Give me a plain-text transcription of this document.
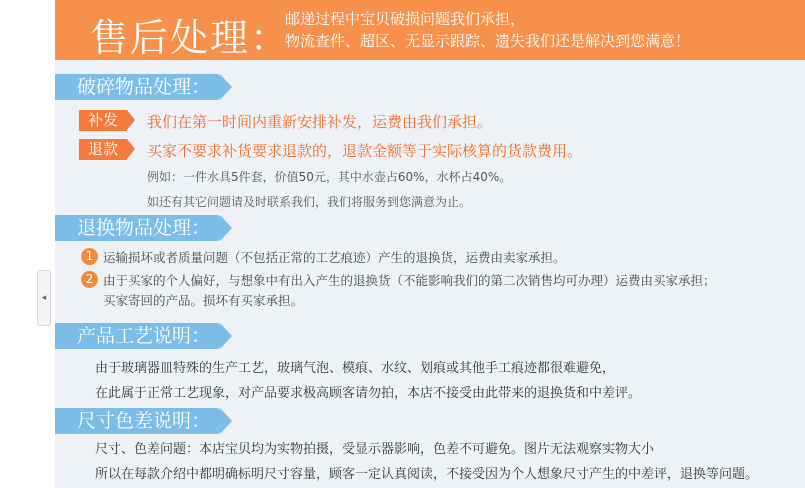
◂
售后处理：
邮递过程中宝贝破损问题我们承担，
物流查件、超区、无显示跟踪、遗失我们还是解决到您满意！
破碎物品处理：
补发	我们在第一时间内重新安排补发，运费由我们承担。
退款	买家不要求补货要求退款的，退款金额等于实际核算的货款费用。
例如：一件水具5件套，价值50元，其中水壶占60%，水杯占40%。
如还有其它问题请及时联系我们，我们将服务到您满意为止。
退换物品处理：
1 运输损坏或者质量问题（不包括正常的工艺痕迹）产生的退换货，运费由卖家承担。
2 由于买家的个人偏好，与想象中有出入产生的退换货（不能影响我们的第二次销售均可办理）运费由买家承担；
买家寄回的产品。损坏有买家承担。
产品工艺说明：
由于玻璃器皿特殊的生产工艺，玻璃气泡、模痕、水纹、划痕或其他手工痕迹都很难避免，
在此属于正常工艺现象，对产品要求极高顾客请勿拍，本店不接受由此带来的退换货和中差评。
尺寸色差说明：
尺寸、色差问题：本店宝贝均为实物拍摄，受显示器影响，色差不可避免。图片无法观察实物大小
所以在每款介绍中都明确标明尺寸容量，顾客一定认真阅读，不接受因为个人想象尺寸产生的中差评，退换等问题。
